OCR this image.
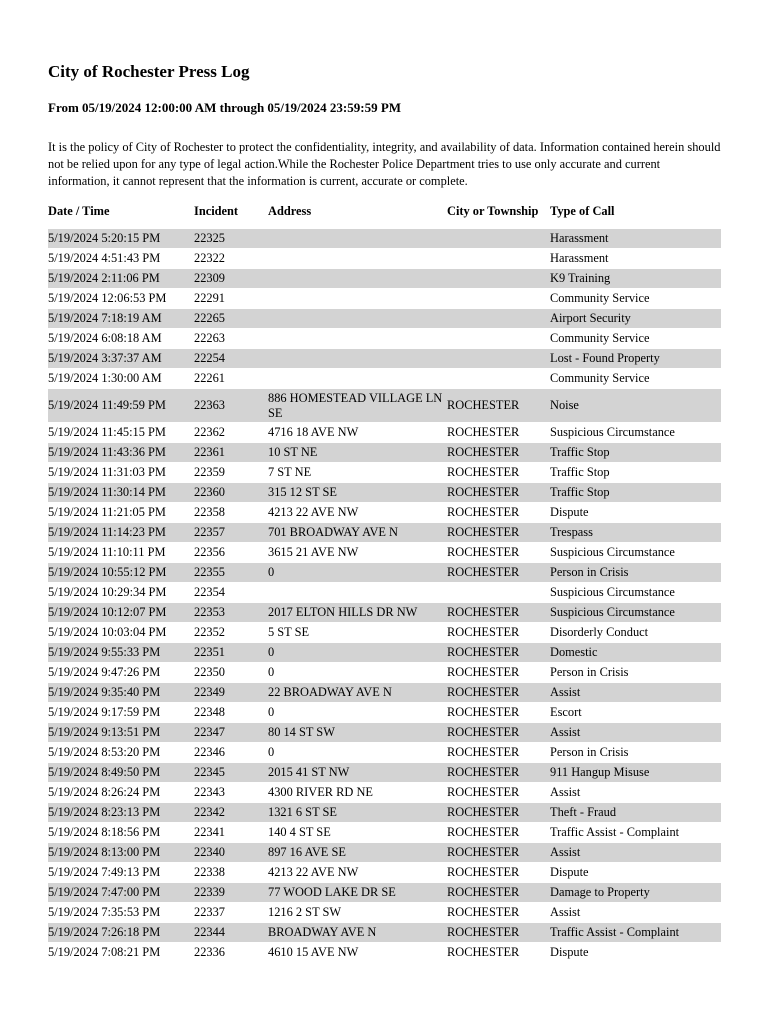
City of Rochester Press Log

From 05/19/2024 12:00:00 AM through 05/19/2024 23:59:59 PM

It is the policy of City of Rochester to protect the confidentiality, integrity, and availability of data. Information contained herein should not be relied upon for any type of legal action.While the Rochester Police Department tries to use only accurate and current information, it cannot represent that the information is current, accurate or complete.

Date / Time	Incident	Address	City or Township	Type of Call
5/19/2024 5:20:15 PM	22325			Harassment
5/19/2024 4:51:43 PM	22322			Harassment
5/19/2024 2:11:06 PM	22309			K9 Training
5/19/2024 12:06:53 PM	22291			Community Service
5/19/2024 7:18:19 AM	22265			Airport Security
5/19/2024 6:08:18 AM	22263			Community Service
5/19/2024 3:37:37 AM	22254			Lost - Found Property
5/19/2024 1:30:00 AM	22261			Community Service
5/19/2024 11:49:59 PM	22363	886 HOMESTEAD VILLAGE LN SE	ROCHESTER	Noise
5/19/2024 11:45:15 PM	22362	4716 18 AVE NW	ROCHESTER	Suspicious Circumstance
5/19/2024 11:43:36 PM	22361	10 ST NE	ROCHESTER	Traffic Stop
5/19/2024 11:31:03 PM	22359	7 ST NE	ROCHESTER	Traffic Stop
5/19/2024 11:30:14 PM	22360	315 12 ST SE	ROCHESTER	Traffic Stop
5/19/2024 11:21:05 PM	22358	4213 22 AVE NW	ROCHESTER	Dispute
5/19/2024 11:14:23 PM	22357	701 BROADWAY AVE N	ROCHESTER	Trespass
5/19/2024 11:10:11 PM	22356	3615 21 AVE NW	ROCHESTER	Suspicious Circumstance
5/19/2024 10:55:12 PM	22355	0	ROCHESTER	Person in Crisis
5/19/2024 10:29:34 PM	22354			Suspicious Circumstance
5/19/2024 10:12:07 PM	22353	2017 ELTON HILLS DR NW	ROCHESTER	Suspicious Circumstance
5/19/2024 10:03:04 PM	22352	5 ST SE	ROCHESTER	Disorderly Conduct
5/19/2024 9:55:33 PM	22351	0	ROCHESTER	Domestic
5/19/2024 9:47:26 PM	22350	0	ROCHESTER	Person in Crisis
5/19/2024 9:35:40 PM	22349	22 BROADWAY AVE N	ROCHESTER	Assist
5/19/2024 9:17:59 PM	22348	0	ROCHESTER	Escort
5/19/2024 9:13:51 PM	22347	80 14 ST SW	ROCHESTER	Assist
5/19/2024 8:53:20 PM	22346	0	ROCHESTER	Person in Crisis
5/19/2024 8:49:50 PM	22345	2015 41 ST NW	ROCHESTER	911 Hangup Misuse
5/19/2024 8:26:24 PM	22343	4300 RIVER RD NE	ROCHESTER	Assist
5/19/2024 8:23:13 PM	22342	1321 6 ST SE	ROCHESTER	Theft - Fraud
5/19/2024 8:18:56 PM	22341	140 4 ST SE	ROCHESTER	Traffic Assist - Complaint
5/19/2024 8:13:00 PM	22340	897 16 AVE SE	ROCHESTER	Assist
5/19/2024 7:49:13 PM	22338	4213 22 AVE NW	ROCHESTER	Dispute
5/19/2024 7:47:00 PM	22339	77 WOOD LAKE DR SE	ROCHESTER	Damage to Property
5/19/2024 7:35:53 PM	22337	1216 2 ST SW	ROCHESTER	Assist
5/19/2024 7:26:18 PM	22344	BROADWAY AVE N	ROCHESTER	Traffic Assist - Complaint
5/19/2024 7:08:21 PM	22336	4610 15 AVE NW	ROCHESTER	Dispute
